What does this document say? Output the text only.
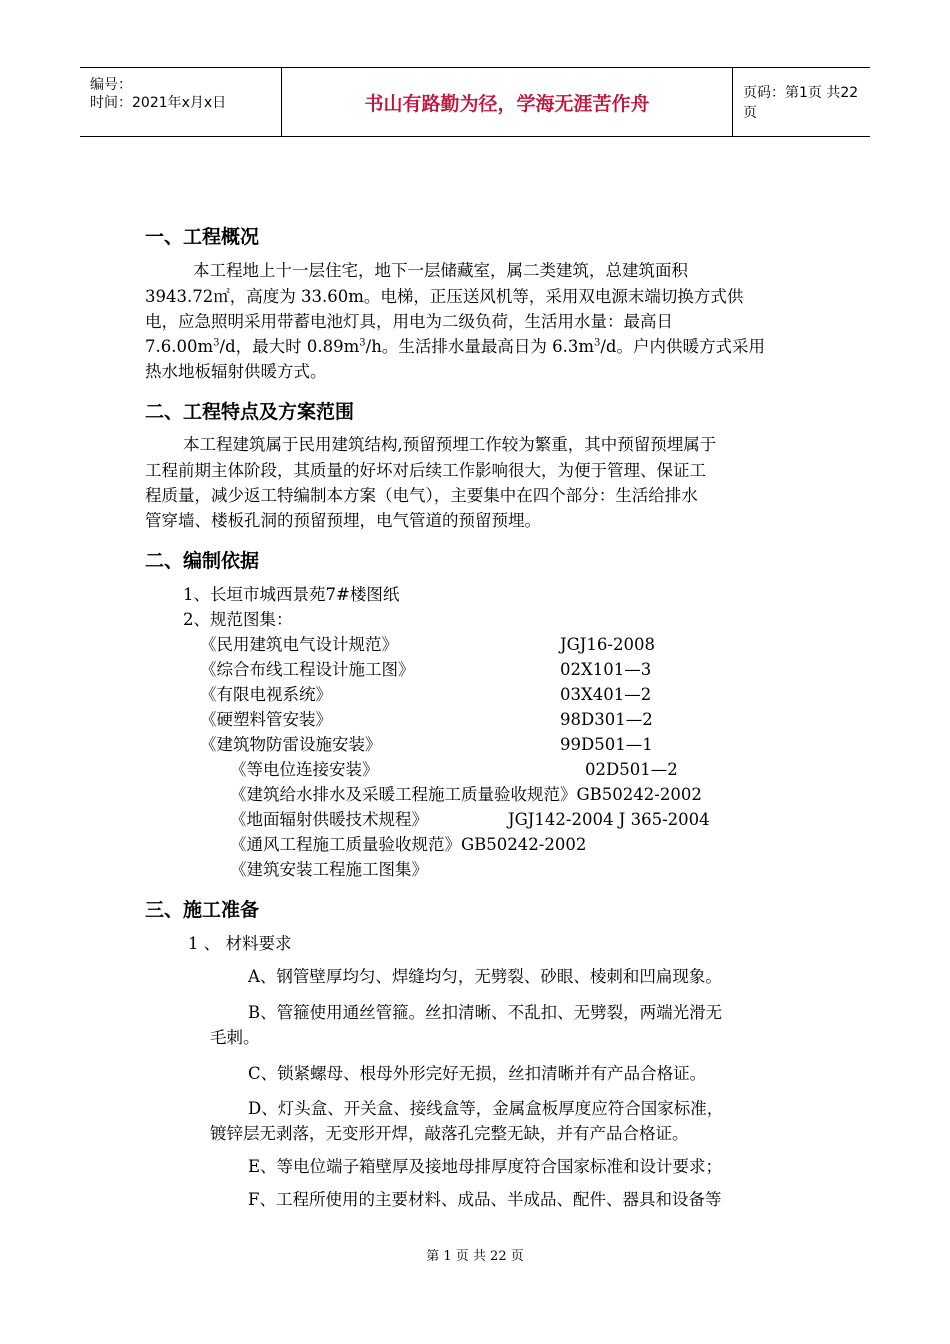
编号：
时间：2021年x月x日	书山有路勤为径，学海无涯苦作舟	页码：第1页 共22页
一、工程概况
本工程地上十一层住宅，地下一层储藏室，属二类建筑，总建筑面积
3943.72㎡，高度为 33.60m。电梯，正压送风机等，采用双电源末端切换方式供
电，应急照明采用带蓄电池灯具，用电为二级负荷，生活用水量：最高日
$7.6.00m^3/d$，最大时 $0.89m^3/h$。生活排水量最高日为 $6.3m^3/d$。户内供暖方式采用
热水地板辐射供暖方式。
二、工程特点及方案范围
本工程建筑属于民用建筑结构,预留预埋工作较为繁重，其中预留预埋属于
工程前期主体阶段，其质量的好坏对后续工作影响很大，为便于管理、保证工
程质量，减少返工特编制本方案（电气），主要集中在四个部分：生活给排水
管穿墙、楼板孔洞的预留预埋，电气管道的预留预埋。
二、编制依据
1、长垣市城西景苑7#楼图纸
2、规范图集：
《民用建筑电气设计规范》	JGJ16-2008
《综合布线工程设计施工图》	02X101—3
《有限电视系统》	03X401—2
《硬塑料管安装》	98D301—2
《建筑物防雷设施安装》	99D501—1
《等电位连接安装》	02D501—2
《建筑给水排水及采暖工程施工质量验收规范》GB50242-2002
《地面辐射供暖技术规程》	JGJ142-2004 J 365-2004
《通风工程施工质量验收规范》GB50242-2002
《建筑安装工程施工图集》
三、施工准备
1 、 材料要求
A、钢管壁厚均匀、焊缝均匀，无劈裂、砂眼、棱刺和凹扁现象。
B、管箍使用通丝管箍。丝扣清晰、不乱扣、无劈裂，两端光滑无
毛刺。
C、锁紧螺母、根母外形完好无损，丝扣清晰并有产品合格证。
D、灯头盒、开关盒、接线盒等，金属盒板厚度应符合国家标准，
镀锌层无剥落，无变形开焊，敲落孔完整无缺，并有产品合格证。
E、等电位端子箱壁厚及接地母排厚度符合国家标准和设计要求；
F、工程所使用的主要材料、成品、半成品、配件、器具和设备等
第 1 页 共 22 页
